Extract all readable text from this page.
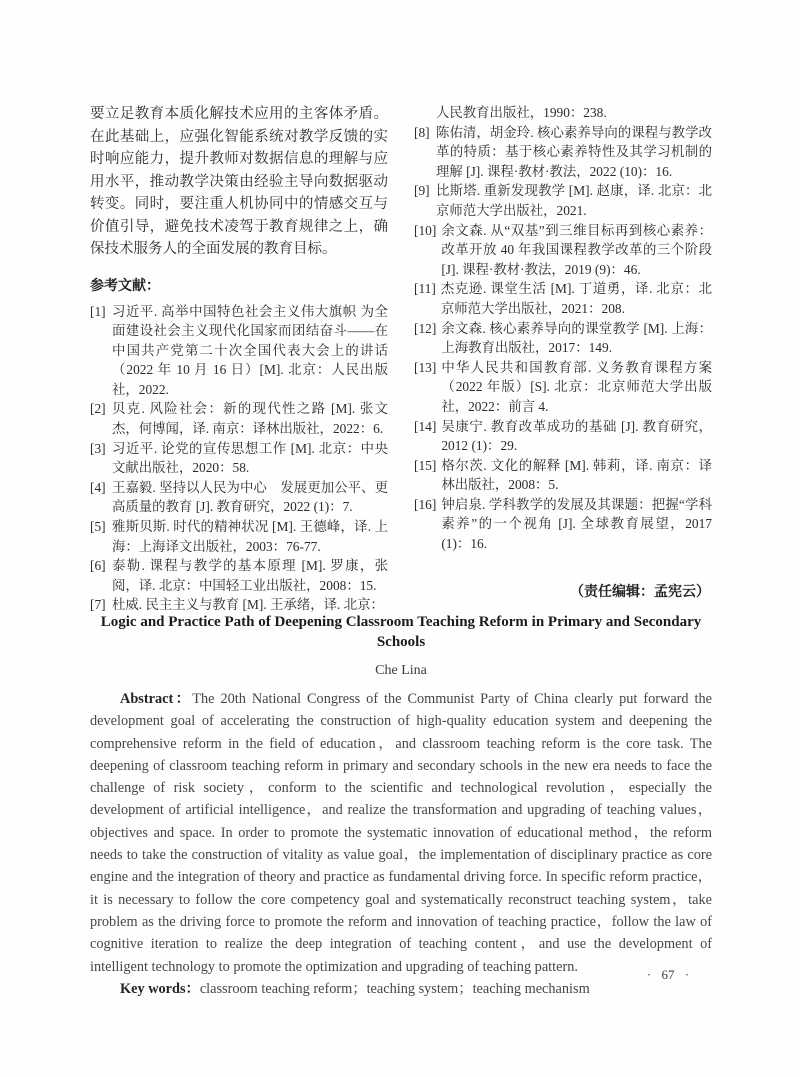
要立足教育本质化解技术应用的主客体矛盾。在此基础上，应强化智能系统对教学反馈的实时响应能力，提升教师对数据信息的理解与应用水平，推动教学决策由经验主导向数据驱动转变。同时，要注重人机协同中的情感交互与价值引导，避免技术凌驾于教育规律之上，确保技术服务人的全面发展的教育目标。

参考文献：
[1] 习近平. 高举中国特色社会主义伟大旗帜 为全面建设社会主义现代化国家而团结奋斗——在中国共产党第二十次全国代表大会上的讲话（2022 年 10 月 16 日）[M]. 北京：人民出版社，2022.
[2] 贝克. 风险社会：新的现代性之路 [M]. 张文杰，何博闻，译. 南京：译林出版社，2022：6.
[3] 习近平. 论党的宣传思想工作 [M]. 北京：中央文献出版社，2020：58.
[4] 王嘉毅. 坚持以人民为中心　发展更加公平、更高质量的教育 [J]. 教育研究，2022 (1)：7.
[5] 雅斯贝斯. 时代的精神状况 [M]. 王德峰，译. 上海：上海译文出版社，2003：76-77.
[6] 泰勒. 课程与教学的基本原理 [M]. 罗康，张阅，译. 北京：中国轻工业出版社，2008：15.
[7] 杜威. 民主主义与教育 [M]. 王承绪，译. 北京：
人民教育出版社，1990：238.
[8] 陈佑清，胡金玲. 核心素养导向的课程与教学改革的特质：基于核心素养特性及其学习机制的理解 [J]. 课程·教材·教法，2022 (10)：16.
[9] 比斯塔. 重新发现教学 [M]. 赵康，译. 北京：北京师范大学出版社，2021.
[10] 余文森. 从“双基”到三维目标再到核心素养：改革开放 40 年我国课程教学改革的三个阶段 [J]. 课程·教材·教法，2019 (9)：46.
[11] 杰克逊. 课堂生活 [M]. 丁道勇，译. 北京：北京师范大学出版社，2021：208.
[12] 余文森. 核心素养导向的课堂教学 [M]. 上海：上海教育出版社，2017：149.
[13] 中华人民共和国教育部. 义务教育课程方案（2022 年版）[S]. 北京：北京师范大学出版社，2022：前言 4.
[14] 吴康宁. 教育改革成功的基础 [J]. 教育研究，2012 (1)：29.
[15] 格尔茨. 文化的解释 [M]. 韩莉，译. 南京：译林出版社，2008：5.
[16] 钟启泉. 学科教学的发展及其课题：把握“学科素养”的一个视角 [J]. 全球教育展望，2017 (1)：16.

（责任编辑：孟宪云）

Logic and Practice Path of Deepening Classroom Teaching Reform in Primary and Secondary Schools

Che Lina

Abstract：The 20th National Congress of the Communist Party of China clearly put forward the development goal of accelerating the construction of high-quality education system and deepening the comprehensive reform in the field of education，and classroom teaching reform is the core task. The deepening of classroom teaching reform in primary and secondary schools in the new era needs to face the challenge of risk society，conform to the scientific and technological revolution，especially the development of artificial intelligence，and realize the transformation and upgrading of teaching values，objectives and space. In order to promote the systematic innovation of educational method，the reform needs to take the construction of vitality as value goal，the implementation of disciplinary practice as core engine and the integration of theory and practice as fundamental driving force. In specific reform practice，it is necessary to follow the core competency goal and systematically reconstruct teaching system，take problem as the driving force to promote the reform and innovation of teaching practice，follow the law of cognitive iteration to realize the deep integration of teaching content，and use the development of intelligent technology to promote the optimization and upgrading of teaching pattern.

Key words：classroom teaching reform；teaching system；teaching mechanism

· 67 ·
